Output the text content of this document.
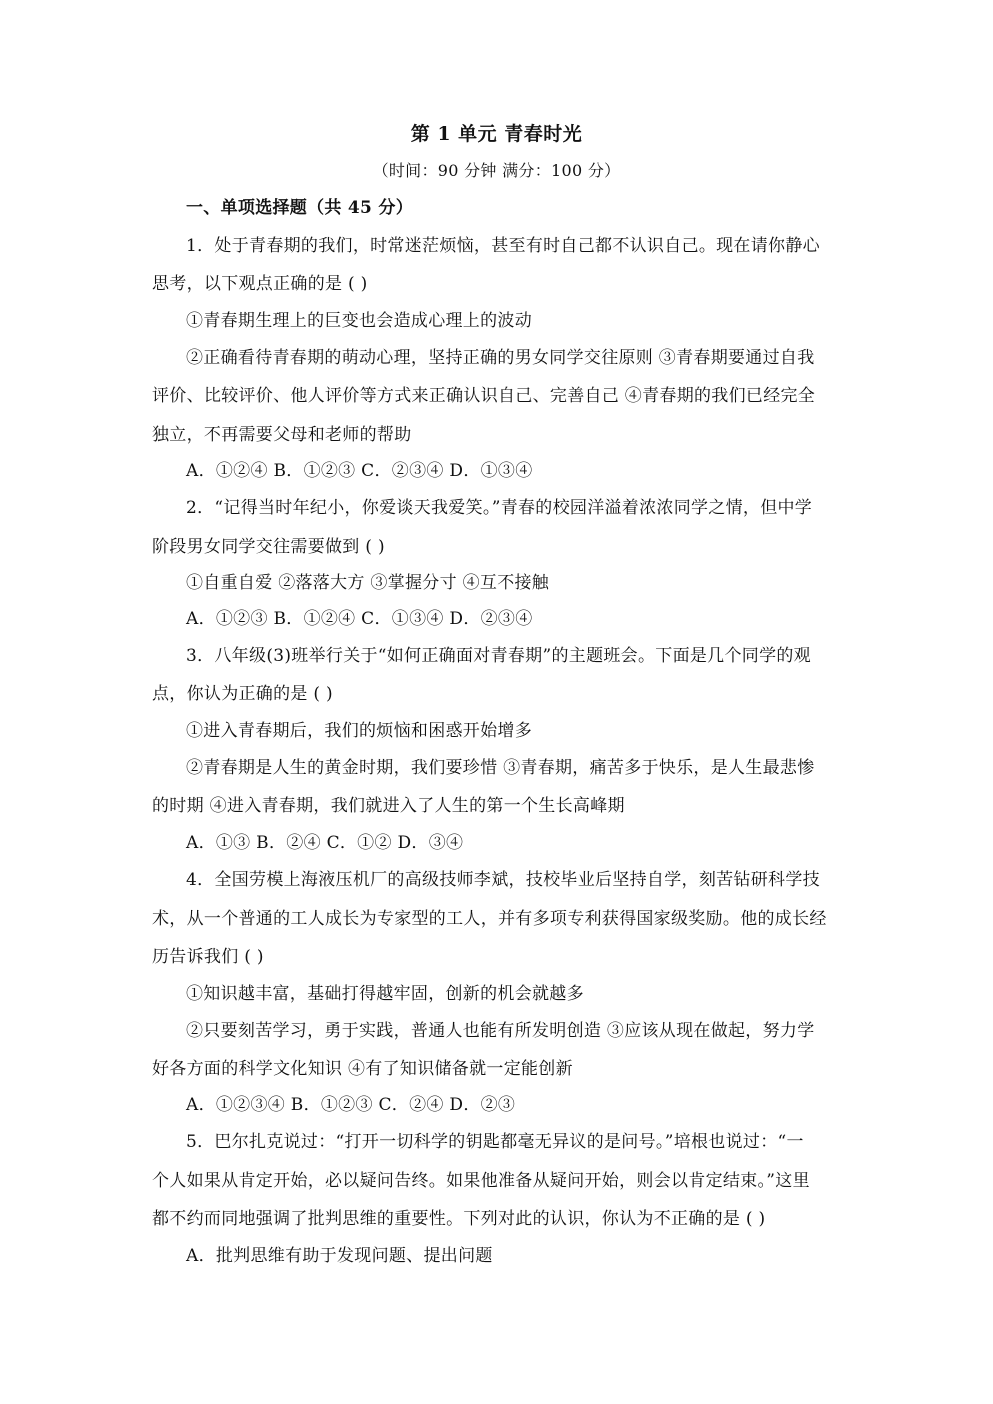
第 1 单元 青春时光
（时间：90 分钟 满分：100 分）
一、单项选择题（共 45 分）
1．处于青春期的我们，时常迷茫烦恼，甚至有时自己都不认识自己。现在请你静心
思考，以下观点正确的是 ( )
①青春期生理上的巨变也会造成心理上的波动
②正确看待青春期的萌动心理，坚持正确的男女同学交往原则 ③青春期要通过自我
评价、比较评价、他人评价等方式来正确认识自己、完善自己 ④青春期的我们已经完全
独立，不再需要父母和老师的帮助
A．①②④ B．①②③ C．②③④ D．①③④
2．“记得当时年纪小，你爱谈天我爱笑。”青春的校园洋溢着浓浓同学之情，但中学
阶段男女同学交往需要做到 ( )
①自重自爱 ②落落大方 ③掌握分寸 ④互不接触
A．①②③ B．①②④ C．①③④ D．②③④
3．八年级(3)班举行关于“如何正确面对青春期”的主题班会。下面是几个同学的观
点，你认为正确的是 ( )
①进入青春期后，我们的烦恼和困惑开始增多
②青春期是人生的黄金时期，我们要珍惜 ③青春期，痛苦多于快乐，是人生最悲惨
的时期 ④进入青春期，我们就进入了人生的第一个生长高峰期
A．①③ B．②④ C．①② D．③④
4．全国劳模上海液压机厂的高级技师李斌，技校毕业后坚持自学，刻苦钻研科学技
术，从一个普通的工人成长为专家型的工人，并有多项专利获得国家级奖励。他的成长经
历告诉我们 ( )
①知识越丰富，基础打得越牢固，创新的机会就越多
②只要刻苦学习，勇于实践，普通人也能有所发明创造 ③应该从现在做起，努力学
好各方面的科学文化知识 ④有了知识储备就一定能创新
A．①②③④ B．①②③ C．②④ D．②③
5．巴尔扎克说过：“打开一切科学的钥匙都毫无异议的是问号。”培根也说过：“一
个人如果从肯定开始，必以疑问告终。如果他准备从疑问开始，则会以肯定结束。”这里
都不约而同地强调了批判思维的重要性。下列对此的认识，你认为不正确的是 ( )
A．批判思维有助于发现问题、提出问题
